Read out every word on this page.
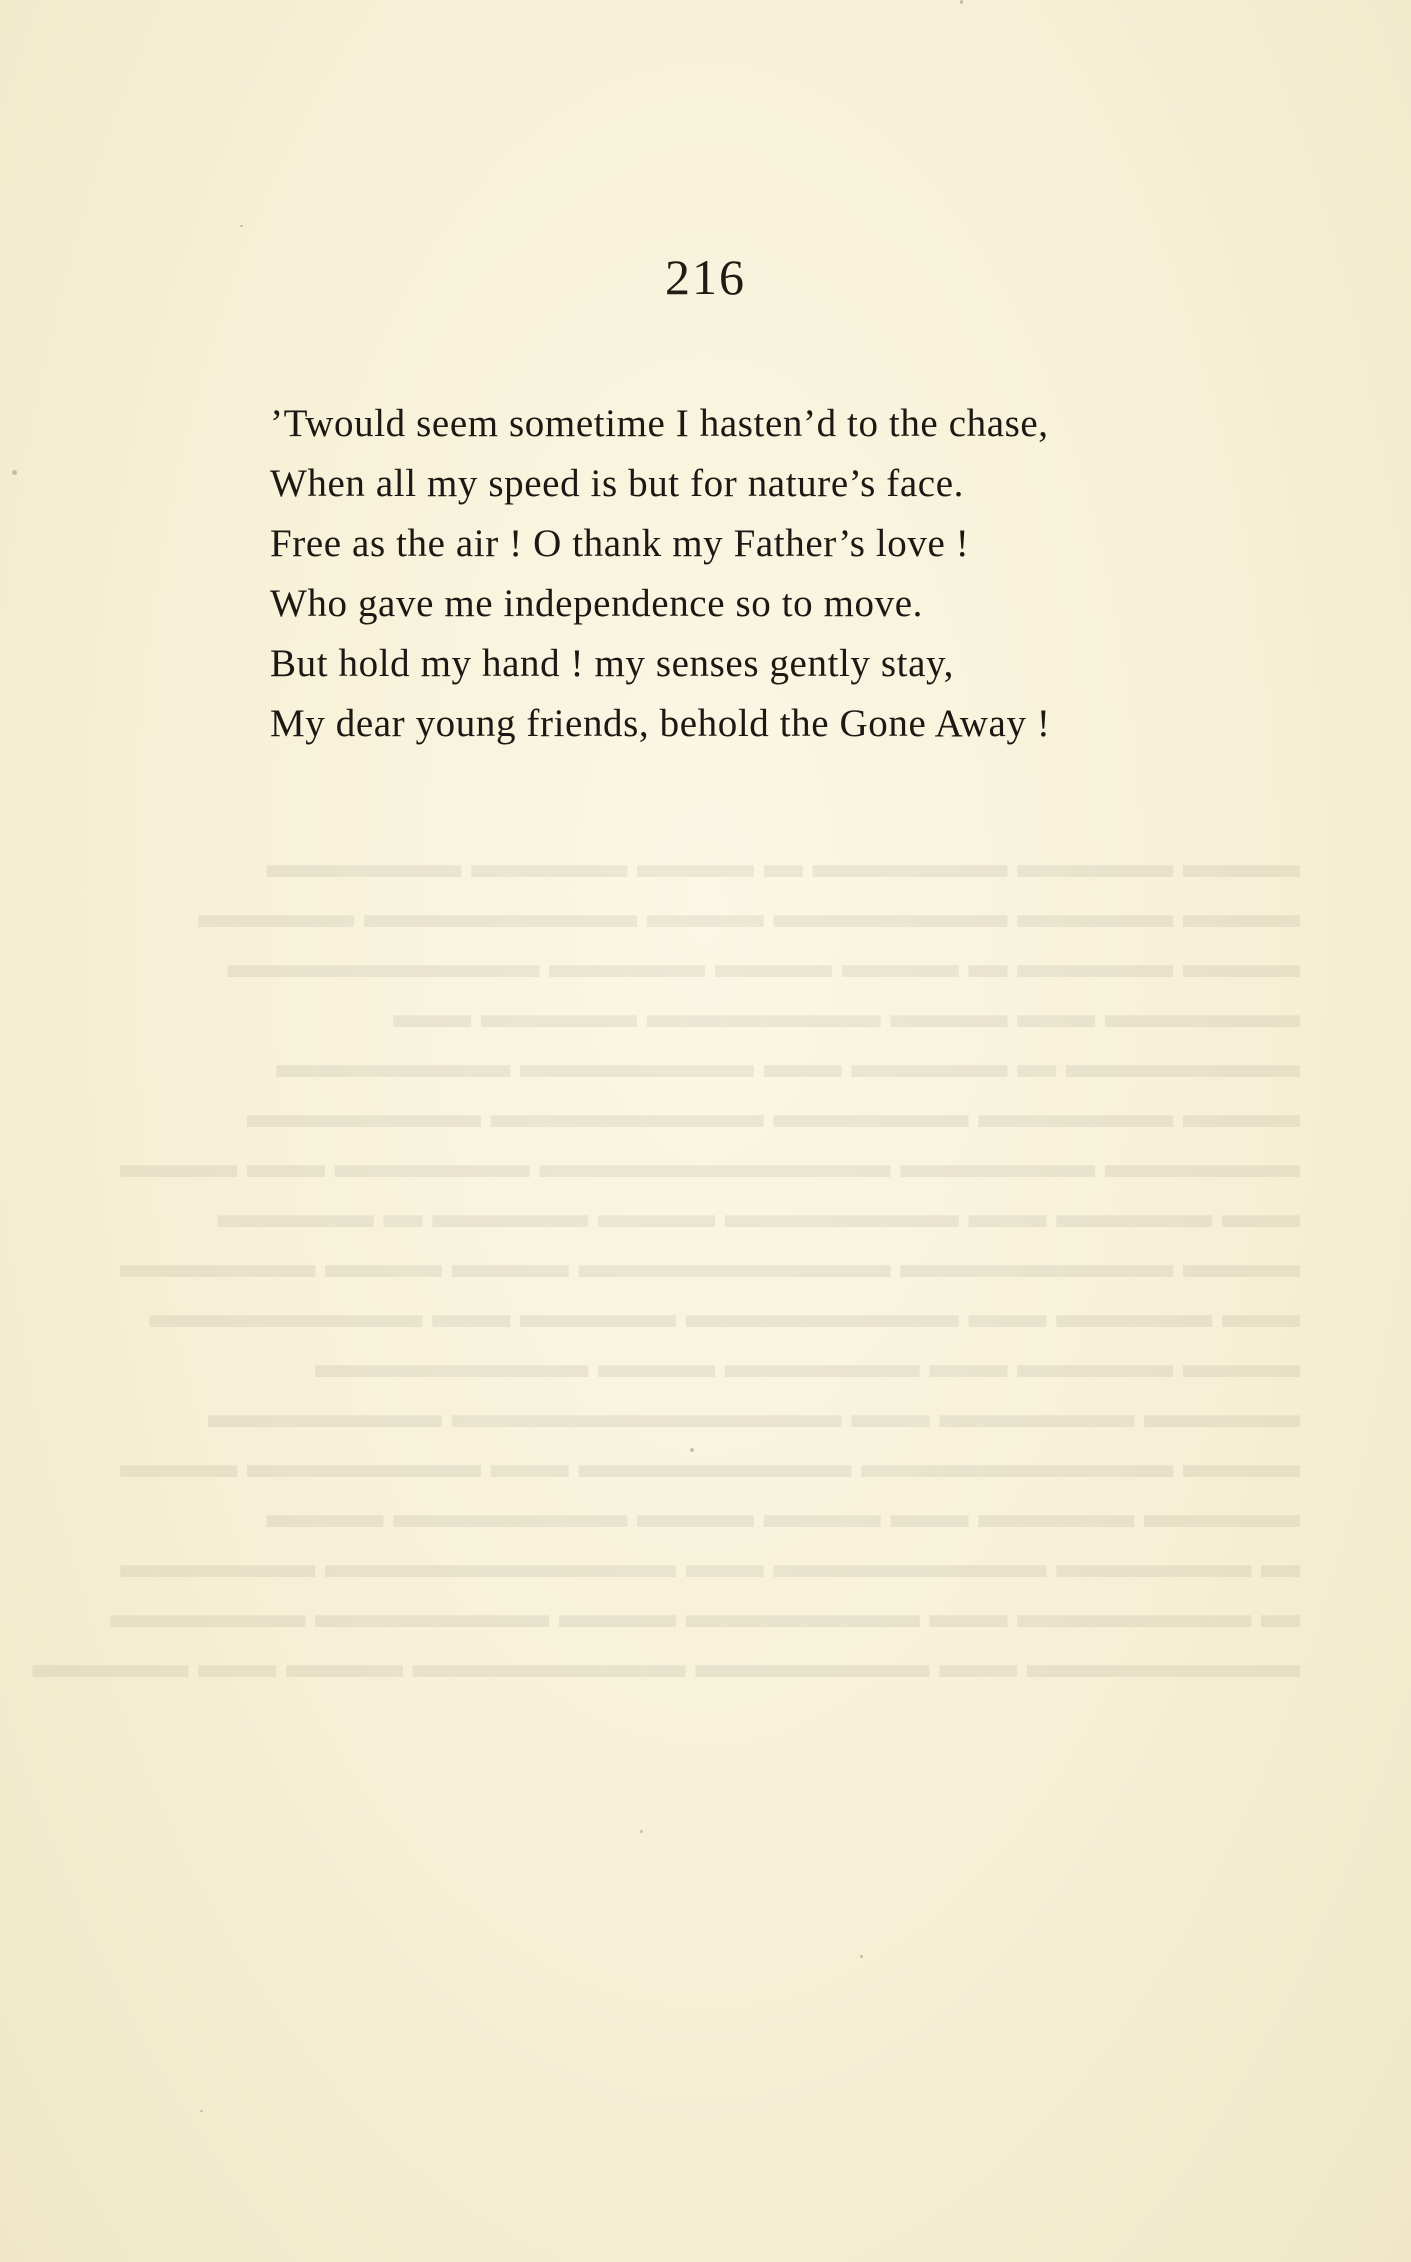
216
’Twould seem sometime I hasten’d to the chase,
When all my speed is but for nature’s face.
Free as the air ! O thank my Father’s love !
Who gave me independence so to move.
But hold my hand ! my senses gently stay,
My dear young friends, behold the Gone Away !
▬▬▬ ▬▬▬▬ ▬▬▬▬▬ ▬ ▬▬▬ ▬▬▬▬ ▬▬▬▬▬
▬▬▬ ▬▬▬▬ ▬▬▬▬▬▬ ▬▬▬ ▬▬▬▬▬▬▬ ▬▬▬▬
▬▬▬ ▬▬▬▬ ▬ ▬▬▬ ▬▬▬ ▬▬▬▬ ▬▬▬▬▬▬▬▬
▬▬▬▬▬ ▬▬ ▬▬▬ ▬▬▬▬▬▬ ▬▬▬▬ ▬▬
▬▬▬▬▬▬ ▬ ▬▬▬▬ ▬▬ ▬▬▬▬▬▬ ▬▬▬▬▬▬
▬▬▬ ▬▬▬▬▬ ▬▬▬▬▬ ▬▬▬▬▬▬▬ ▬▬▬▬▬▬
▬▬▬▬▬ ▬▬▬▬▬ ▬▬▬▬▬▬▬▬▬ ▬▬▬▬▬ ▬▬ ▬▬▬
▬▬ ▬▬▬▬ ▬▬ ▬▬▬▬▬▬ ▬▬▬ ▬▬▬▬ ▬ ▬▬▬▬
▬▬▬ ▬▬▬▬▬▬▬ ▬▬▬▬▬▬▬▬ ▬▬▬ ▬▬▬ ▬▬▬▬▬
▬▬ ▬▬▬▬ ▬▬ ▬▬▬▬▬▬▬ ▬▬▬▬ ▬▬ ▬▬▬▬▬▬▬
▬▬▬ ▬▬▬▬ ▬▬ ▬▬▬▬▬ ▬▬▬ ▬▬▬▬▬▬▬
▬▬▬▬ ▬▬▬▬▬ ▬▬ ▬▬▬▬▬▬▬▬▬▬ ▬▬▬▬▬▬
▬▬▬ ▬▬▬▬▬▬▬▬ ▬▬▬▬▬▬▬ ▬▬ ▬▬▬▬▬▬ ▬▬▬
▬▬▬▬ ▬▬▬▬ ▬▬ ▬▬▬ ▬▬▬ ▬▬▬▬▬▬ ▬▬▬
▬ ▬▬▬▬▬ ▬▬▬▬▬▬▬ ▬▬ ▬▬▬▬▬▬▬▬▬ ▬▬▬▬▬
▬ ▬▬▬▬▬▬ ▬▬ ▬▬▬▬▬▬ ▬▬▬ ▬▬▬▬▬▬ ▬▬▬▬▬
▬▬▬▬▬▬▬ ▬▬ ▬▬▬▬▬▬ ▬▬▬▬▬▬▬ ▬▬▬ ▬▬ ▬▬▬▬
